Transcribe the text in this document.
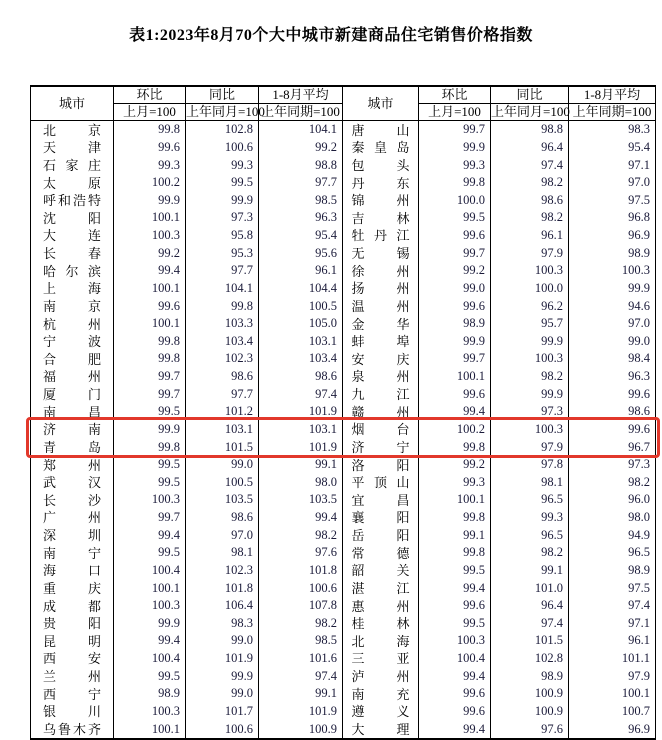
表1:2023年8月70个大中城市新建商品住宅销售价格指数
城市	环比	同比	1-8月平均	城市	环比	同比	1-8月平均
	上月=100	上年同月=100	上年同期=100		上月=100	上年同月=100	上年同期=100
北京	99.8	102.8	104.1	唐山	99.7	98.8	98.3
天津	99.6	100.6	99.2	秦皇岛	99.9	96.4	95.4
石家庄	99.3	99.3	98.8	包头	99.3	97.4	97.1
太原	100.2	99.5	97.7	丹东	99.8	98.2	97.0
呼和浩特	99.9	99.9	98.5	锦州	100.0	98.6	97.5
沈阳	100.1	97.3	96.3	吉林	99.5	98.2	96.8
大连	100.3	95.8	95.4	牡丹江	99.6	96.1	96.9
长春	99.2	95.3	95.6	无锡	99.7	97.9	98.9
哈尔滨	99.4	97.7	96.1	徐州	99.2	100.3	100.3
上海	100.1	104.1	104.4	扬州	99.0	100.0	99.9
南京	99.6	99.8	100.5	温州	99.6	96.2	94.6
杭州	100.1	103.3	105.0	金华	98.9	95.7	97.0
宁波	99.8	103.4	103.1	蚌埠	99.9	99.9	99.0
合肥	99.8	102.3	103.4	安庆	99.7	100.3	98.4
福州	99.7	98.6	98.6	泉州	100.1	98.2	96.3
厦门	99.7	97.7	97.4	九江	99.6	99.9	99.6
南昌	99.5	101.2	101.9	赣州	99.4	97.3	98.6
济南	99.9	103.1	103.1	烟台	100.2	100.3	99.6
青岛	99.8	101.5	101.9	济宁	99.8	97.9	96.7
郑州	99.5	99.0	99.1	洛阳	99.2	97.8	97.3
武汉	99.5	100.5	98.0	平顶山	99.3	98.1	98.2
长沙	100.3	103.5	103.5	宜昌	100.1	96.5	96.0
广州	99.7	98.6	99.4	襄阳	99.8	99.3	98.0
深圳	99.4	97.0	98.2	岳阳	99.1	96.5	94.9
南宁	99.5	98.1	97.6	常德	99.8	98.2	96.5
海口	100.4	102.3	101.8	韶关	99.5	99.1	98.9
重庆	100.1	101.8	100.6	湛江	99.4	101.0	97.5
成都	100.3	106.4	107.8	惠州	99.6	96.4	97.4
贵阳	99.9	98.3	98.2	桂林	99.5	97.4	97.1
昆明	99.4	99.0	98.5	北海	100.3	101.5	96.1
西安	100.4	101.9	101.6	三亚	100.4	102.8	101.1
兰州	99.5	99.9	97.4	泸州	99.4	98.9	97.9
西宁	98.9	99.0	99.1	南充	99.6	100.9	100.1
银川	100.3	101.7	101.9	遵义	99.6	100.9	100.7
乌鲁木齐	100.1	100.6	100.9	大理	99.4	97.6	96.9
